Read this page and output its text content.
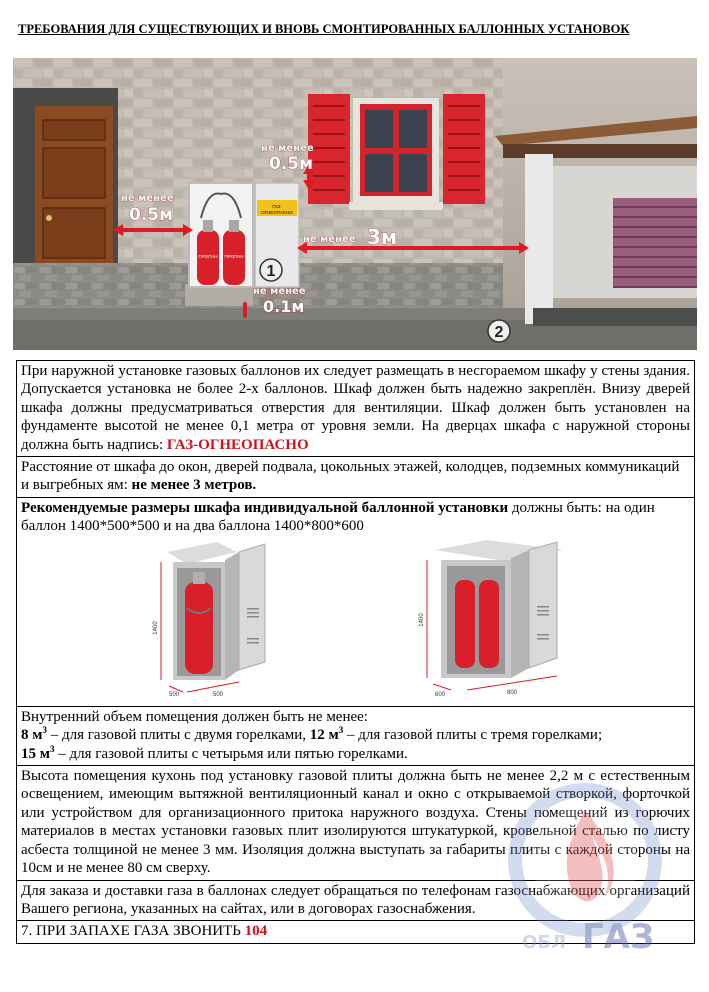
ТРЕБОВАНИЯ ДЛЯ СУЩЕСТВУЮЩИХ И ВНОВЬ СМОНТИРОВАННЫХ БАЛЛОННЫХ УСТАНОВОК
ГАЗ-
ОГНЕОПАСНО
ПРОПАН ПРОПАН
1
2
не менее
0.5м
не менее
0.5м
не менее 3м
не менее
0.1м
При наружной установке газовых баллонов их следует размещать в несгораемом шкафу у стены здания. Допускается установка не более 2-х баллонов. Шкаф должен быть надежно закреплён. Внизу дверей шкафа должны предусматриваться отверстия для вентиляции. Шкаф должен быть установлен на фундаменте высотой не менее 0,1 метра от уровня земли. На дверцах шкафа с наружной стороны должна быть надпись: ГАЗ-ОГНЕОПАСНО
Расстояние от шкафа до окон, дверей подвала, цокольных этажей, колодцев, подземных коммуникаций и выгребных ям: не менее 3 метров.
Рекомендуемые размеры шкафа индивидуальной баллонной установки должны быть: на один баллон 1400*500*500 и на два баллона 1400*800*600
1400
500	500
1400
600	800
Внутренний объем помещения должен быть не менее:
8 $м^3$ – для газовой плиты с двумя горелками, 12 $м^3$ – для газовой плиты с тремя горелками;
15 $м^3$ – для газовой плиты с четырьмя или пятью горелками.
Высота помещения кухонь под установку газовой плиты должна быть не менее 2,2 м с естественным освещением, имеющим вытяжной вентиляционный канал и окно с открываемой створкой, форточкой или устройством для организационного притока наружного воздуха. Стены помещений из горючих материалов в местах установки газовых плит изолируются штукатуркой, кровельной сталью по листу асбеста толщиной не менее 3 мм. Изоляция должна выступать за габариты плиты с каждой стороны на 10см и не менее 80 см сверху.
Для заказа и доставки газа в баллонах следует обращаться по телефонам газоснабжающих организаций Вашего региона, указанных на сайтах, или в договорах газоснабжения.
7. ПРИ ЗАПАХЕ ГАЗА ЗВОНИТЬ 104	ГАЗ
ОБЛ
